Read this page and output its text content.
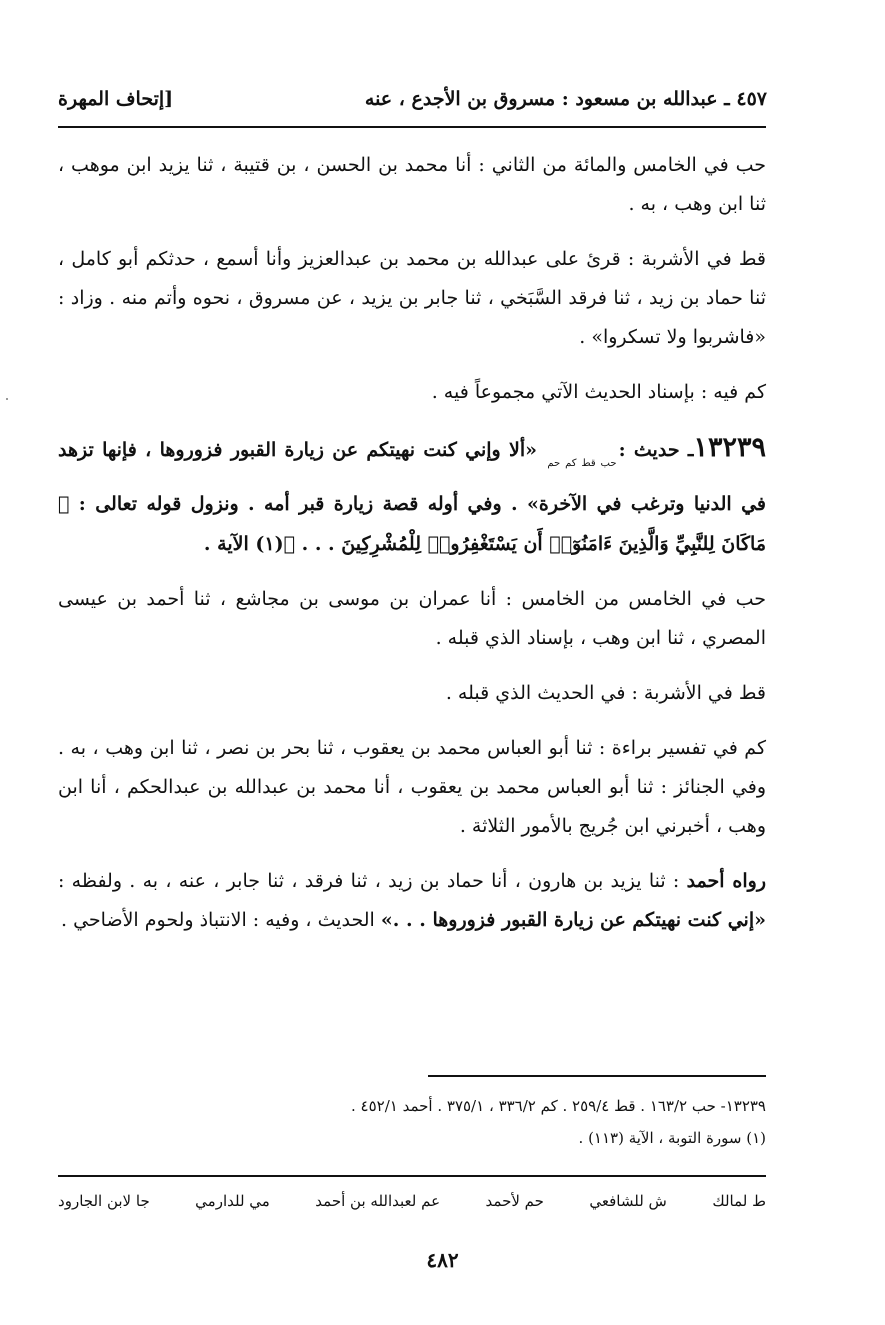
٤٥٧ ـ عبدالله بن مسعود : مسروق بن الأجدع ، عنه
[إتحاف المهرة

حب في الخامس والمائة من الثاني : أنا محمد بن الحسن ، بن قتيبة ، ثنا يزيد ابن موهب ، ثنا ابن وهب ، به .

قط في الأشربة : قرئ على عبدالله بن محمد بن عبدالعزيز وأنا أسمع ، حدثكم أبو كامل ، ثنا حماد بن زيد ، ثنا فرقد السَّبَخي ، ثنا جابر بن يزيد ، عن مسروق ، نحوه وأتم منه . وزاد : «فاشربوا ولا تسكروا» .

كم فيه : بإسناد الحديث الآتي مجموعاً فيه .

١٣٢٣٩ـ حديث $:_{حب قط كم حم}$ «ألا وإني كنت نهيتكم عن زيارة القبور فزوروها ، فإنها تزهد في الدنيا وترغب في الآخرة» . وفي أوله قصة زيارة قبر أمه . ونزول قوله تعالى : ﴿ مَاكَانَ لِلنَّبِيِّ وَالَّذِينَ ءَامَنُوٓا۟ أَن يَسْتَغْفِرُوا۟ لِلْمُشْرِكِينَ . . . ﴾(١) الآية .

حب في الخامس من الخامس : أنا عمران بن موسى بن مجاشع ، ثنا أحمد بن عيسى المصري ، ثنا ابن وهب ، بإسناد الذي قبله .

قط في الأشربة : في الحديث الذي قبله .

كم في تفسير براءة : ثنا أبو العباس محمد بن يعقوب ، ثنا بحر بن نصر ، ثنا ابن وهب ، به . وفي الجنائز : ثنا أبو العباس محمد بن يعقوب ، أنا محمد بن عبدالله بن عبدالحكم ، أنا ابن وهب ، أخبرني ابن جُريج بالأمور الثلاثة .

رواه أحمد : ثنا يزيد بن هارون ، أنا حماد بن زيد ، ثنا فرقد ، ثنا جابر ، عنه ، به . ولفظه : «إني كنت نهيتكم عن زيارة القبور فزوروها . . .» الحديث ، وفيه : الانتباذ ولحوم الأضاحي .

١٣٢٣٩- حب ١٦٣/٢ . قط ٢٥٩/٤ . كم ٣٣٦/٢ ، ٣٧٥/١ . أحمد ٤٥٢/١ .
(١) سورة التوبة ، الآية (١١٣) .
ط لمالك
ش للشافعي
حم لأحمد
عم لعبدالله بن أحمد
مي للدارمي
جا لابن الجارود
٤٨٢
